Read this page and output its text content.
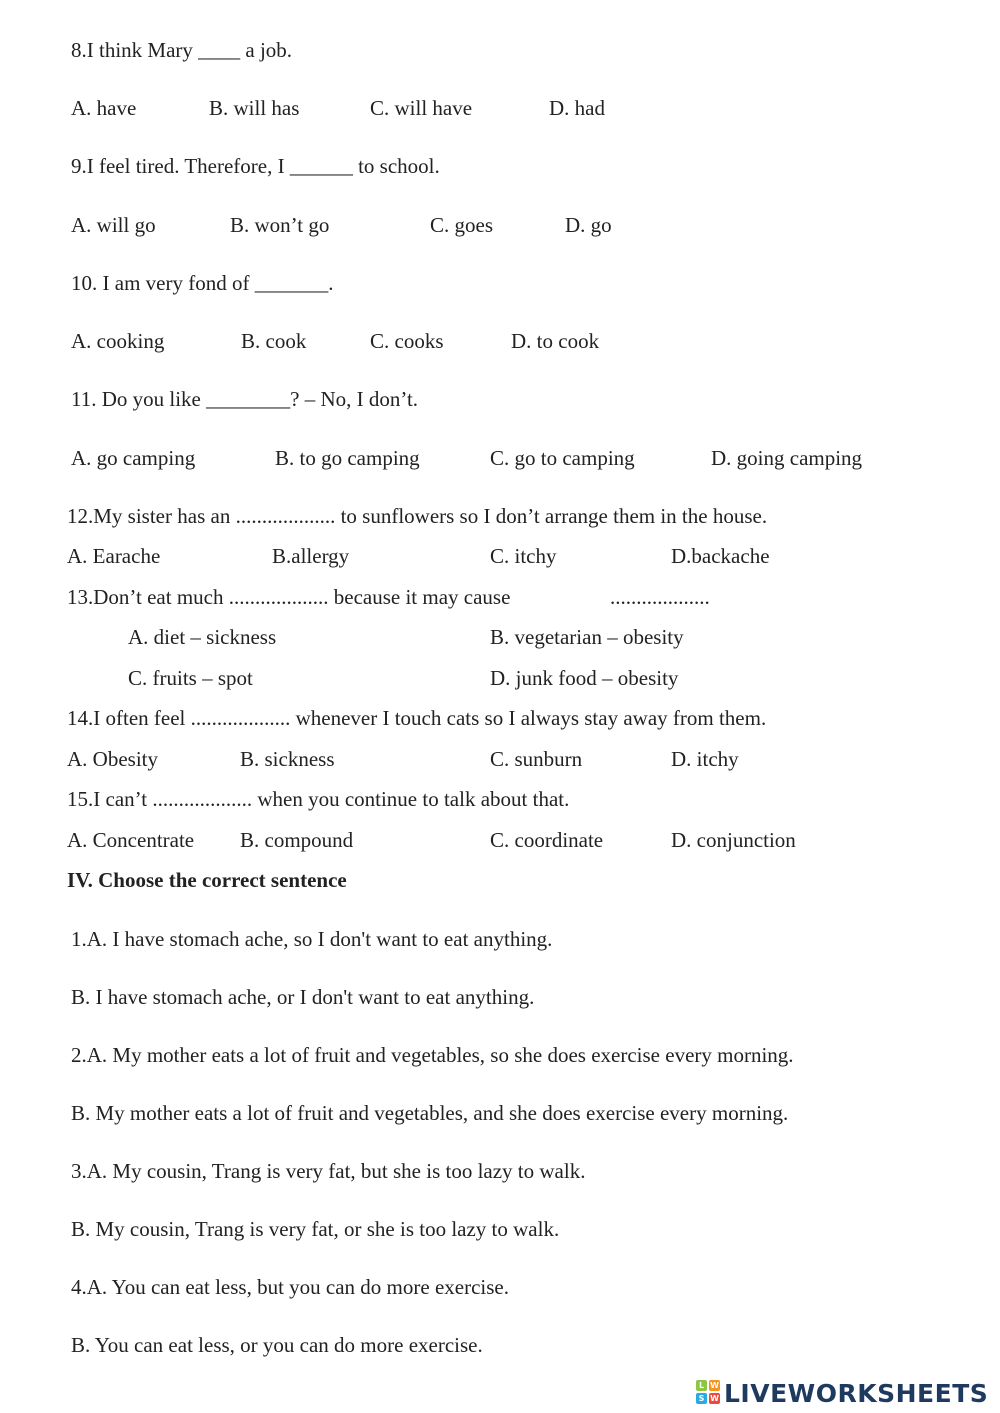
8.I think Mary ____ a job.
A. have	B. will has	C. will have	D. had
9.I feel tired. Therefore, I ______ to school.
A. will go	B. won’t go	C. goes	D. go
10. I am very fond of _______.
A. cooking	B. cook	C. cooks	D. to cook
11. Do you like ________? – No, I don’t.
A. go camping	B. to go camping	C. go to camping	D. going camping
12.My sister has an ................... to sunflowers so I don’t arrange them in the house.
A. Earache	B.allergy	C. itchy	D.backache
13.Don’t eat much ................... because it may cause	...................
A. diet – sickness	B. vegetarian – obesity
C. fruits – spot	D. junk food – obesity
14.I often feel ................... whenever I touch cats so I always stay away from them.
A. Obesity	B. sickness	C. sunburn	D. itchy
15.I can’t ................... when you continue to talk about that.
A. Concentrate B. compound	C. coordinate	D. conjunction
IV. Choose the correct sentence
1.A. I have stomach ache, so I don't want to eat anything.
B. I have stomach ache, or I don't want to eat anything.
2.A. My mother eats a lot of fruit and vegetables, so she does exercise every morning.
B. My mother eats a lot of fruit and vegetables, and she does exercise every morning.
3.A. My cousin, Trang is very fat, but she is too lazy to walk.
B. My cousin, Trang is very fat, or she is too lazy to walk.
4.A. You can eat less, but you can do more exercise.
B. You can eat less, or you can do more exercise.
L W
S W LIVEWORKSHEETS
